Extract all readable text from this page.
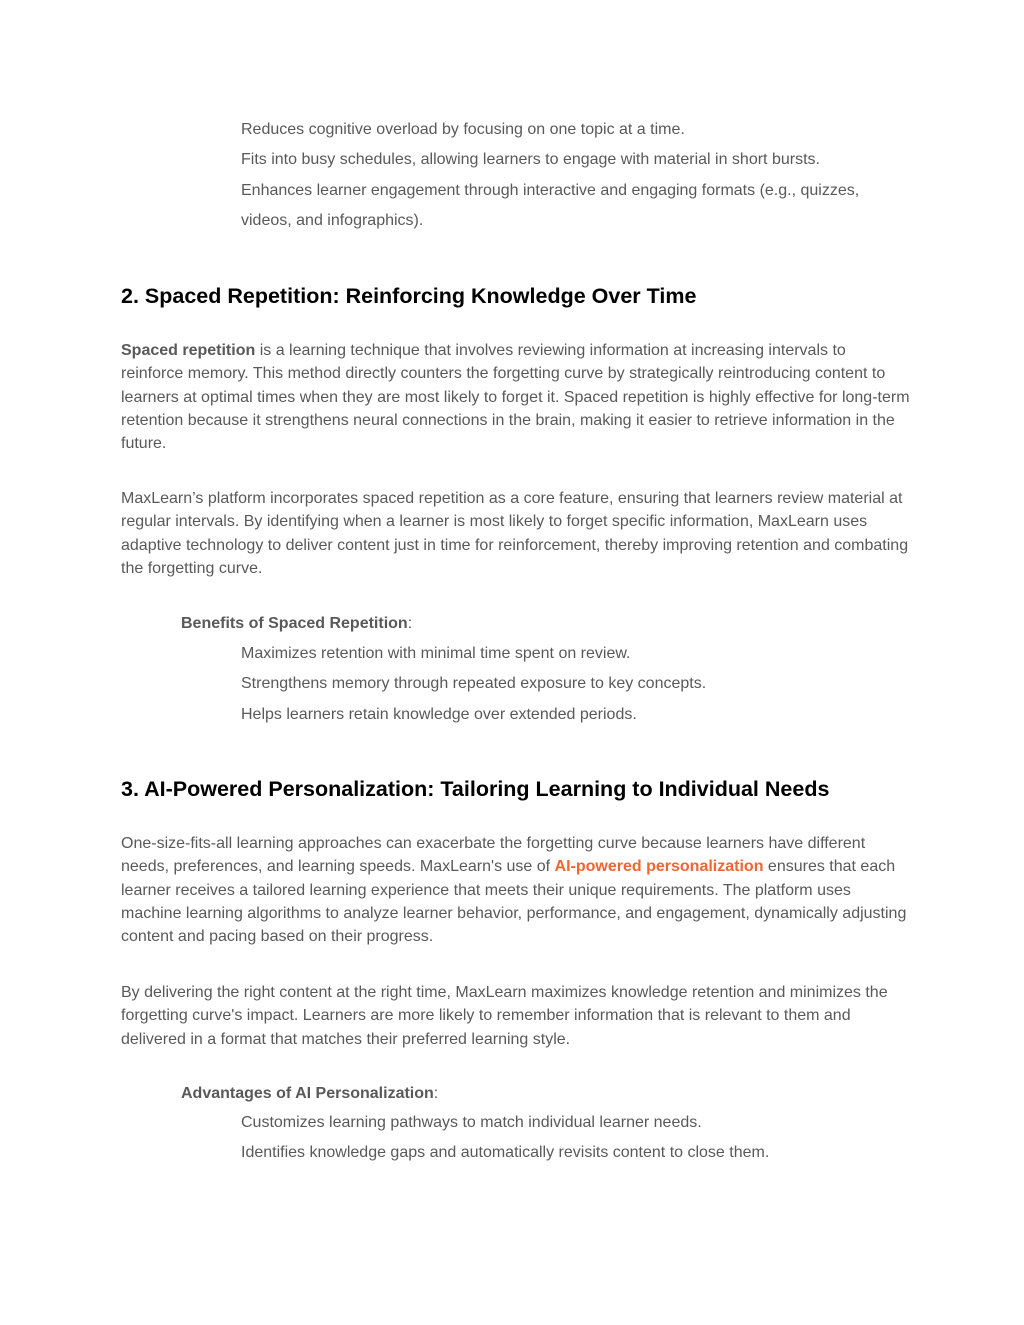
Reduces cognitive overload by focusing on one topic at a time.
Fits into busy schedules, allowing learners to engage with material in short bursts.
Enhances learner engagement through interactive and engaging formats (e.g., quizzes, videos, and infographics).
2. Spaced Repetition: Reinforcing Knowledge Over Time

Spaced repetition is a learning technique that involves reviewing information at increasing intervals to reinforce memory. This method directly counters the forgetting curve by strategically reintroducing content to learners at optimal times when they are most likely to forget it. Spaced repetition is highly effective for long-term retention because it strengthens neural connections in the brain, making it easier to retrieve information in the future.

MaxLearn’s platform incorporates spaced repetition as a core feature, ensuring that learners review material at regular intervals. By identifying when a learner is most likely to forget specific information, MaxLearn uses adaptive technology to deliver content just in time for reinforcement, thereby improving retention and combating the forgetting curve.

Benefits of Spaced Repetition:

Maximizes retention with minimal time spent on review.
Strengthens memory through repeated exposure to key concepts.
Helps learners retain knowledge over extended periods.
3. AI-Powered Personalization: Tailoring Learning to Individual Needs

One-size-fits-all learning approaches can exacerbate the forgetting curve because learners have different needs, preferences, and learning speeds. MaxLearn's use of AI-powered personalization ensures that each learner receives a tailored learning experience that meets their unique requirements. The platform uses machine learning algorithms to analyze learner behavior, performance, and engagement, dynamically adjusting content and pacing based on their progress.

By delivering the right content at the right time, MaxLearn maximizes knowledge retention and minimizes the forgetting curve's impact. Learners are more likely to remember information that is relevant to them and delivered in a format that matches their preferred learning style.

Advantages of AI Personalization:

Customizes learning pathways to match individual learner needs.
Identifies knowledge gaps and automatically revisits content to close them.
